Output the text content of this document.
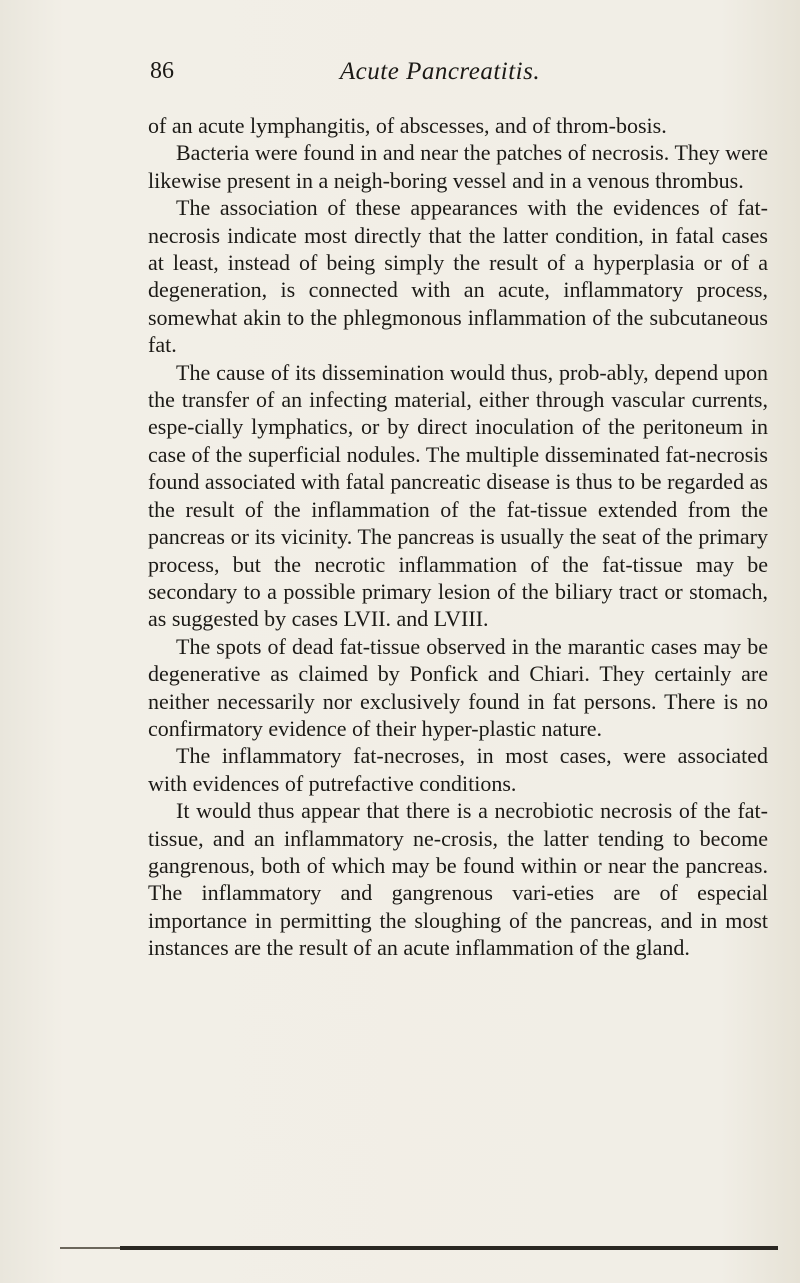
86	Acute Pancreatitis.

of an acute lymphangitis, of abscesses, and of throm-bosis.

Bacteria were found in and near the patches of necrosis. They were likewise present in a neigh-boring vessel and in a venous thrombus.

The association of these appearances with the evidences of fat-necrosis indicate most directly that the latter condition, in fatal cases at least, instead of being simply the result of a hyperplasia or of a degeneration, is connected with an acute, inflammatory process, somewhat akin to the phlegmonous inflammation of the subcutaneous fat.

The cause of its dissemination would thus, prob-ably, depend upon the transfer of an infecting material, either through vascular currents, espe-cially lymphatics, or by direct inoculation of the peritoneum in case of the superficial nodules. The multiple disseminated fat-necrosis found associated with fatal pancreatic disease is thus to be regarded as the result of the inflammation of the fat-tissue extended from the pancreas or its vicinity. The pancreas is usually the seat of the primary process, but the necrotic inflammation of the fat-tissue may be secondary to a possible primary lesion of the biliary tract or stomach, as suggested by cases LVII. and LVIII.

The spots of dead fat-tissue observed in the marantic cases may be degenerative as claimed by Ponfick and Chiari. They certainly are neither necessarily nor exclusively found in fat persons. There is no confirmatory evidence of their hyper-plastic nature.

The inflammatory fat-necroses, in most cases, were associated with evidences of putrefactive conditions.

It would thus appear that there is a necrobiotic necrosis of the fat-tissue, and an inflammatory ne-crosis, the latter tending to become gangrenous, both of which may be found within or near the pancreas. The inflammatory and gangrenous vari-eties are of especial importance in permitting the sloughing of the pancreas, and in most instances are the result of an acute inflammation of the gland.
